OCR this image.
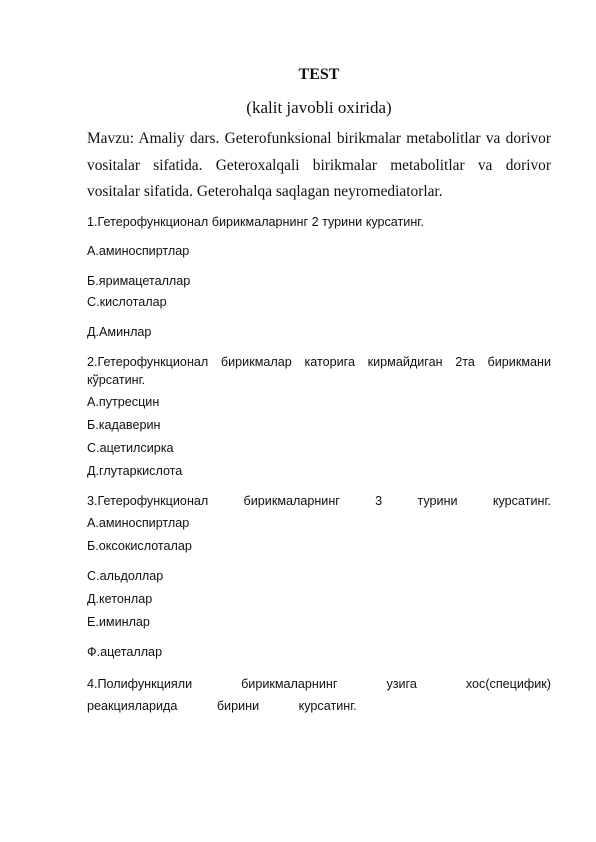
TEST

(kalit javobli oxirida)

Mavzu: Amaliy dars. Geterofunksional birikmalar metabolitlar va dorivor vositalar sifatida. Geteroxalqali birikmalar metabolitlar va dorivor vositalar sifatida. Geterohalqa saqlagan neyromediatorlar.

1.Гетерофункционал бирикмаларнинг 2 турини курсатинг.

А.аминоспиртлар

Б.яримацеталлар

С.кислоталар

Д.Аминлар

2.Гетерофункционал бирикмалар каторига кирмайдиган 2та бирикмани кўрсатинг.

А.путресцин

Б.кадаверин

С.ацетилсирка

Д.глутаркислота

3.Гетерофункционал бирикмаларнинг 3 турини курсатинг.

А.аминоспиртлар

Б.оксокислоталар

С.альдоллар

Д.кетонлар

Е.иминлар

Ф.ацеталлар

4.Полифункцияли бирикмаларнинг узига хос(специфик) реакцияларида бирини курсатинг.
